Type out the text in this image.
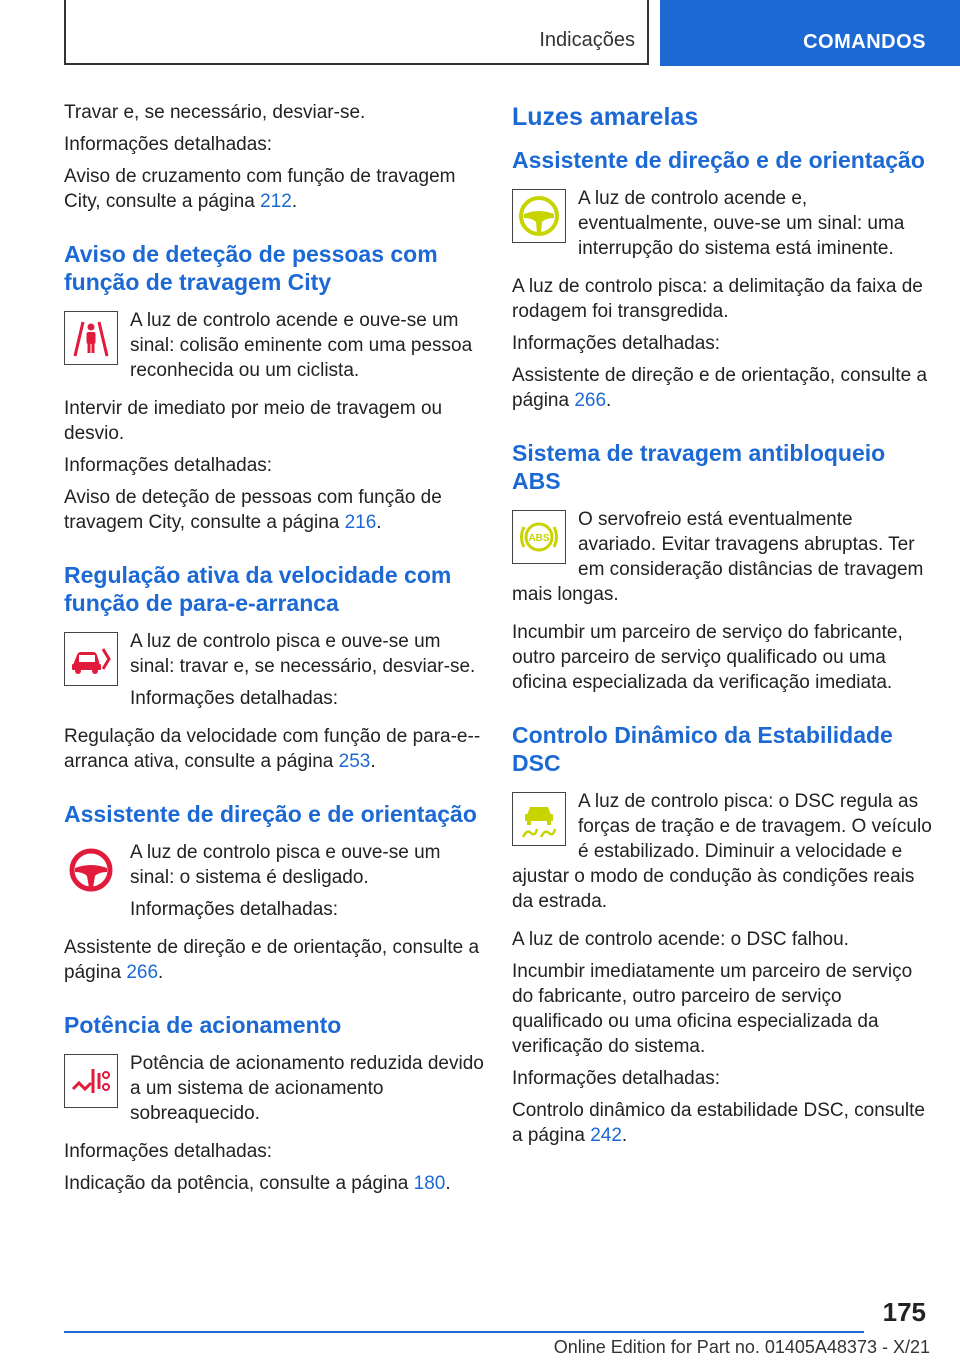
Indicações	COMANDOS

Travar e, se necessário, desviar-se.

Informações detalhadas:

Aviso de cruzamento com função de travagem City, consulte a página 212.

Aviso de deteção de pessoas com função de travagem City

A luz de controlo acende e ouve-se um sinal: colisão eminente com uma pessoa reconhecida ou um ciclista.

Intervir de imediato por meio de travagem ou desvio.

Informações detalhadas:

Aviso de deteção de pessoas com função de travagem City, consulte a página 216.

Regulação ativa da velocidade com função de para-e-arranca

A luz de controlo pisca e ouve-se um sinal: travar e, se necessário, desviar-se.

Informações detalhadas:

Regulação da velocidade com função de para-e--arranca ativa, consulte a página 253.

Assistente de direção e de orientação

A luz de controlo pisca e ouve-se um sinal: o sistema é desligado.

Informações detalhadas:

Assistente de direção e de orientação, consulte a página 266.

Potência de acionamento

Potência de acionamento reduzida devido a um sistema de acionamento sobreaquecido.

Informações detalhadas:

Indicação da potência, consulte a página 180.

Luzes amarelas
Assistente de direção e de orientação

A luz de controlo acende e, eventualmente, ouve-se um sinal: uma interrupção do sistema está iminente.

A luz de controlo pisca: a delimitação da faixa de rodagem foi transgredida.

Informações detalhadas:

Assistente de direção e de orientação, consulte a página 266.

Sistema de travagem antibloqueio ABS
ABS

O servofreio está eventualmente avariado. Evitar travagens abruptas. Ter em consideração distâncias de travagem mais longas.

Incumbir um parceiro de serviço do fabricante, outro parceiro de serviço qualificado ou uma oficina especializada da verificação imediata.

Controlo Dinâmico da Estabilidade DSC

A luz de controlo pisca: o DSC regula as forças de tração e de travagem. O veículo é estabilizado. Diminuir a velocidade e ajustar o modo de condução às condições reais da estrada.

A luz de controlo acende: o DSC falhou.

Incumbir imediatamente um parceiro de serviço do fabricante, outro parceiro de serviço qualificado ou uma oficina especializada da verificação do sistema.

Informações detalhadas:

Controlo dinâmico da estabilidade DSC, consulte a página 242.

175
Online Edition for Part no. 01405A48373 - X/21
